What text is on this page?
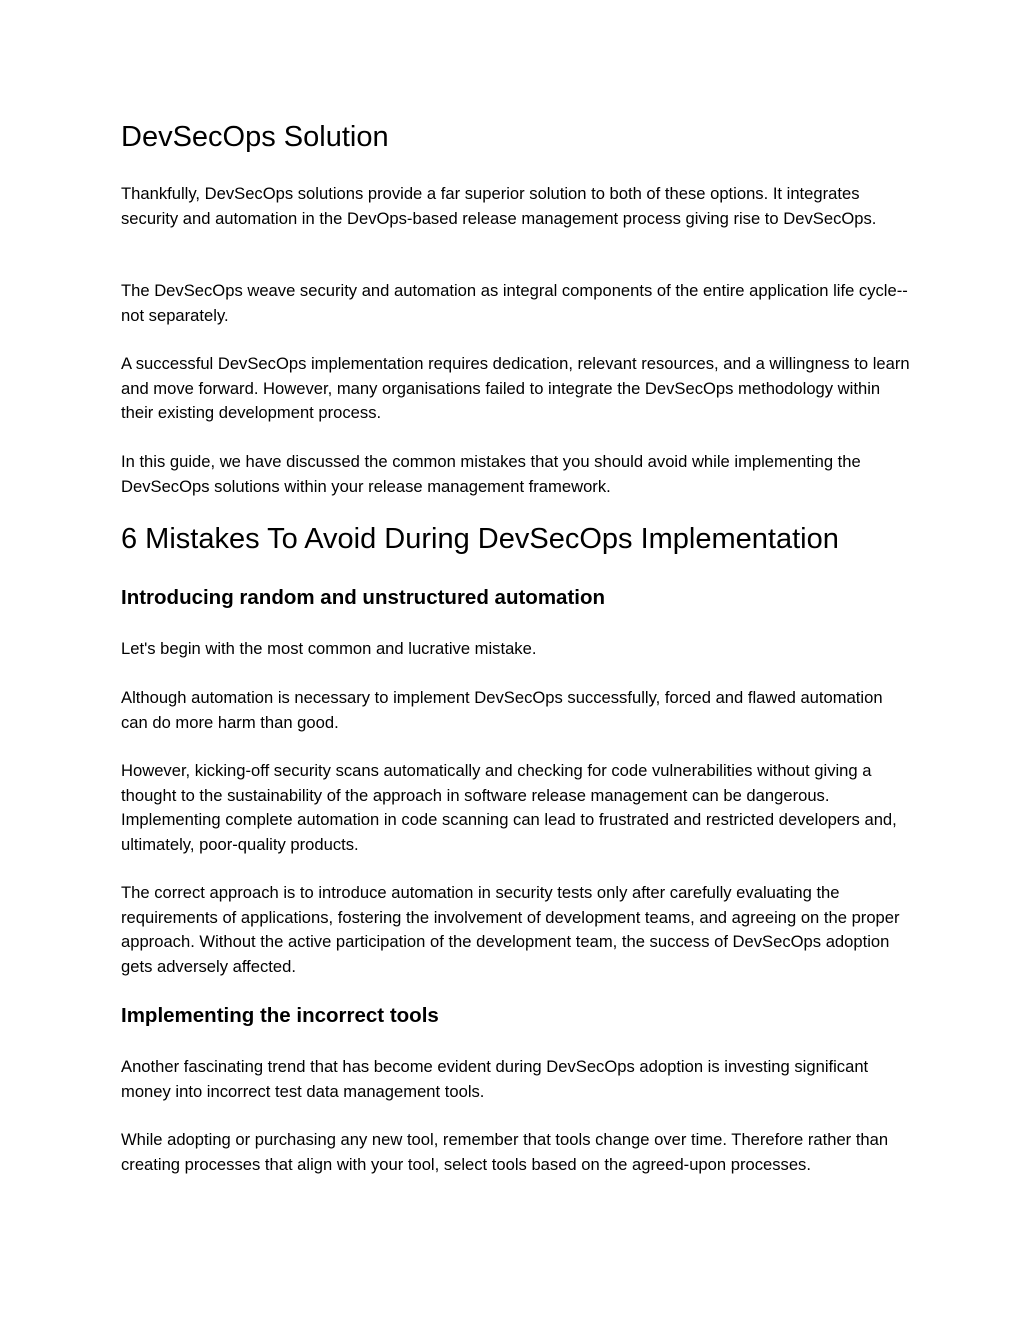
DevSecOps Solution

Thankfully, DevSecOps solutions provide a far superior solution to both of these options. It integrates security and automation in the DevOps-based release management process giving rise to DevSecOps.

The DevSecOps weave security and automation as integral components of the entire application life cycle-- not separately.

A successful DevSecOps implementation requires dedication, relevant resources, and a willingness to learn and move forward. However, many organisations failed to integrate the DevSecOps methodology within their existing development process.

In this guide, we have discussed the common mistakes that you should avoid while implementing the DevSecOps solutions within your release management framework.

6 Mistakes To Avoid During DevSecOps Implementation
Introducing random and unstructured automation

Let's begin with the most common and lucrative mistake.

Although automation is necessary to implement DevSecOps successfully, forced and flawed automation can do more harm than good.

However, kicking-off security scans automatically and checking for code vulnerabilities without giving a thought to the sustainability of the approach in software release management can be dangerous. Implementing complete automation in code scanning can lead to frustrated and restricted developers and, ultimately, poor-quality products.

The correct approach is to introduce automation in security tests only after carefully evaluating the requirements of applications, fostering the involvement of development teams, and agreeing on the proper approach. Without the active participation of the development team, the success of DevSecOps adoption gets adversely affected.

Implementing the incorrect tools

Another fascinating trend that has become evident during DevSecOps adoption is investing significant money into incorrect test data management tools.

While adopting or purchasing any new tool, remember that tools change over time. Therefore rather than creating processes that align with your tool, select tools based on the agreed-upon processes.
